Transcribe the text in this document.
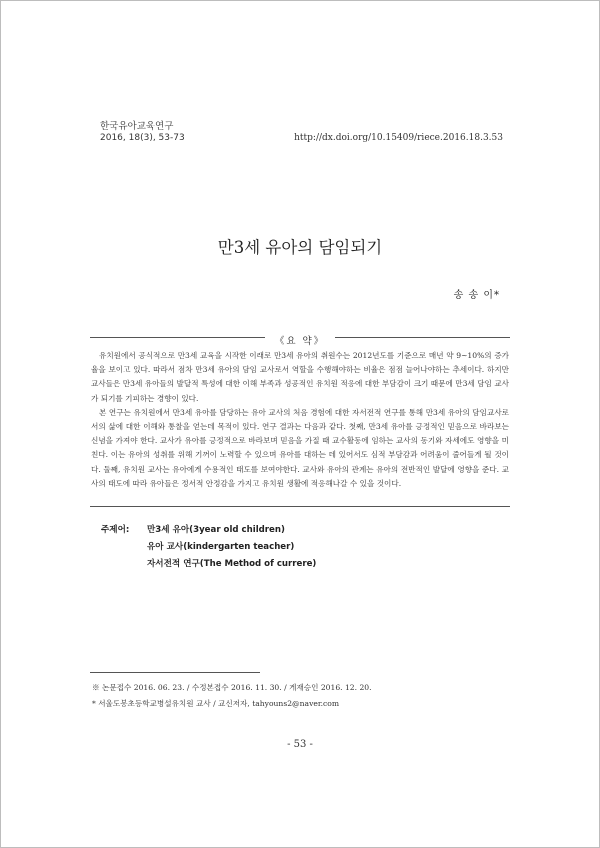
한국유아교육연구
2016, 18(3), 53-73	http://dx.doi.org/10.15409/riece.2016.18.3.53
만3세 유아의 담임되기
송 송 이*
《요 약》

유치원에서 공식적으로 만3세 교육을 시작한 이래로 만3세 유아의 취원수는 2012년도를 기준으로 매년 약 9~10%의 증가율을 보이고 있다. 따라서 점차 만3세 유아의 담임 교사로서 역할을 수행해야하는 비율은 점점 늘어나야하는 추세이다. 하지만 교사들은 만3세 유아들의 발달적 특성에 대한 이해 부족과 성공적인 유치원 적응에 대한 부담감이 크기 때문에 만3세 담임 교사가 되기를 기피하는 경향이 있다.

본 연구는 유치원에서 만3세 유아를 담당하는 유아 교사의 처음 경험에 대한 자서전적 연구를 통해 만3세 유아의 담임교사로서의 삶에 대한 이해와 통찰을 얻는데 목적이 있다. 연구 결과는 다음과 같다. 첫째, 만3세 유아를 긍정적인 믿음으로 바라보는 신념을 가져야 한다. 교사가 유아를 긍정적으로 바라보며 믿음을 가질 때 교수활동에 임하는 교사의 동기와 자세에도 영향을 미친다. 이는 유아의 성취를 위해 기꺼이 노력할 수 있으며 유아를 대하는 데 있어서도 심적 부담감과 어려움이 줄어들게 될 것이다. 둘째, 유치원 교사는 유아에게 수용적인 태도를 보여야한다. 교사와 유아의 관계는 유아의 전반적인 발달에 영향을 준다. 교사의 태도에 따라 유아들은 정서적 안정감을 가지고 유치원 생활에 적응해나갈 수 있을 것이다.

주제어: 만3세 유아(3year old children)
유아 교사(kindergarten teacher)
자서전적 연구(The Method of currere)
※ 논문접수 2016. 06. 23. / 수정본접수 2016. 11. 30. / 게재승인 2016. 12. 20.
* 서울도봉초등학교병설유치원 교사 / 교신저자, tahyouns2@naver.com
- 53 -
